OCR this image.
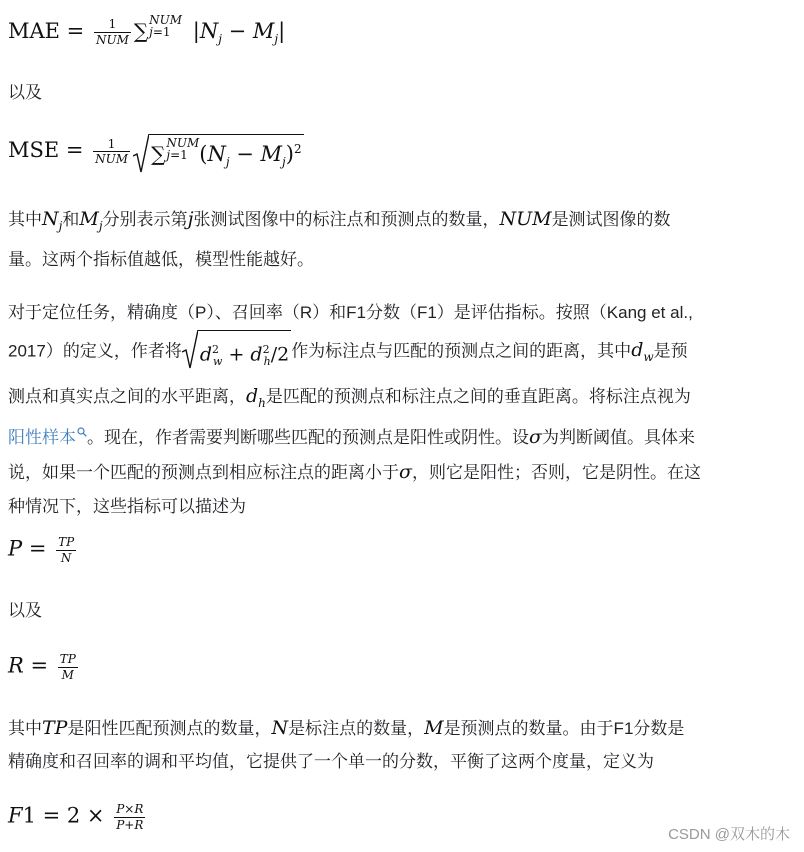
MAE = $\frac{1}{\text{NUM}}$ ∑ NUM
j=1	$|N_j - M_j|$
以及
MSE = $\frac{1}{\text{NUM}}$ ∑ NUM
j=1 $(N_j - M_j)^2$
其中$N_j$和$M_j$分别表示第j张测试图像中的标注点和预测点的数量，NUM是测试图像的数
量。这两个指标值越低，模型性能越好。
对于定位任务，精确度（P）、召回率（R）和F1分数（F1）是评估指标。按照（Kang et al.,
2017）的定义，作者将 $d^2_w + d^2_h/2$ 作为标注点与匹配的预测点之间的距离，其中$d_w$是预
测点和真实点之间的水平距离，$d_h$是匹配的预测点和标注点之间的垂直距离。将标注点视为
阳性样本 。现在，作者需要判断哪些匹配的预测点是阳性或阴性。设σ为判断阈值。具体来
说，如果一个匹配的预测点到相应标注点的距离小于σ，则它是阳性；否则，它是阴性。在这
种情况下，这些指标可以描述为
$P = \frac{TP}{N}$
以及
$R = \frac{TP}{M}$
其中TP是阳性匹配预测点的数量，N是标注点的数量，M是预测点的数量。由于F1分数是
精确度和召回率的调和平均值，它提供了一个单一的分数，平衡了这两个度量，定义为
$F1 = 2 \times \frac{P\times R}{P+R}$
CSDN @双木的木
